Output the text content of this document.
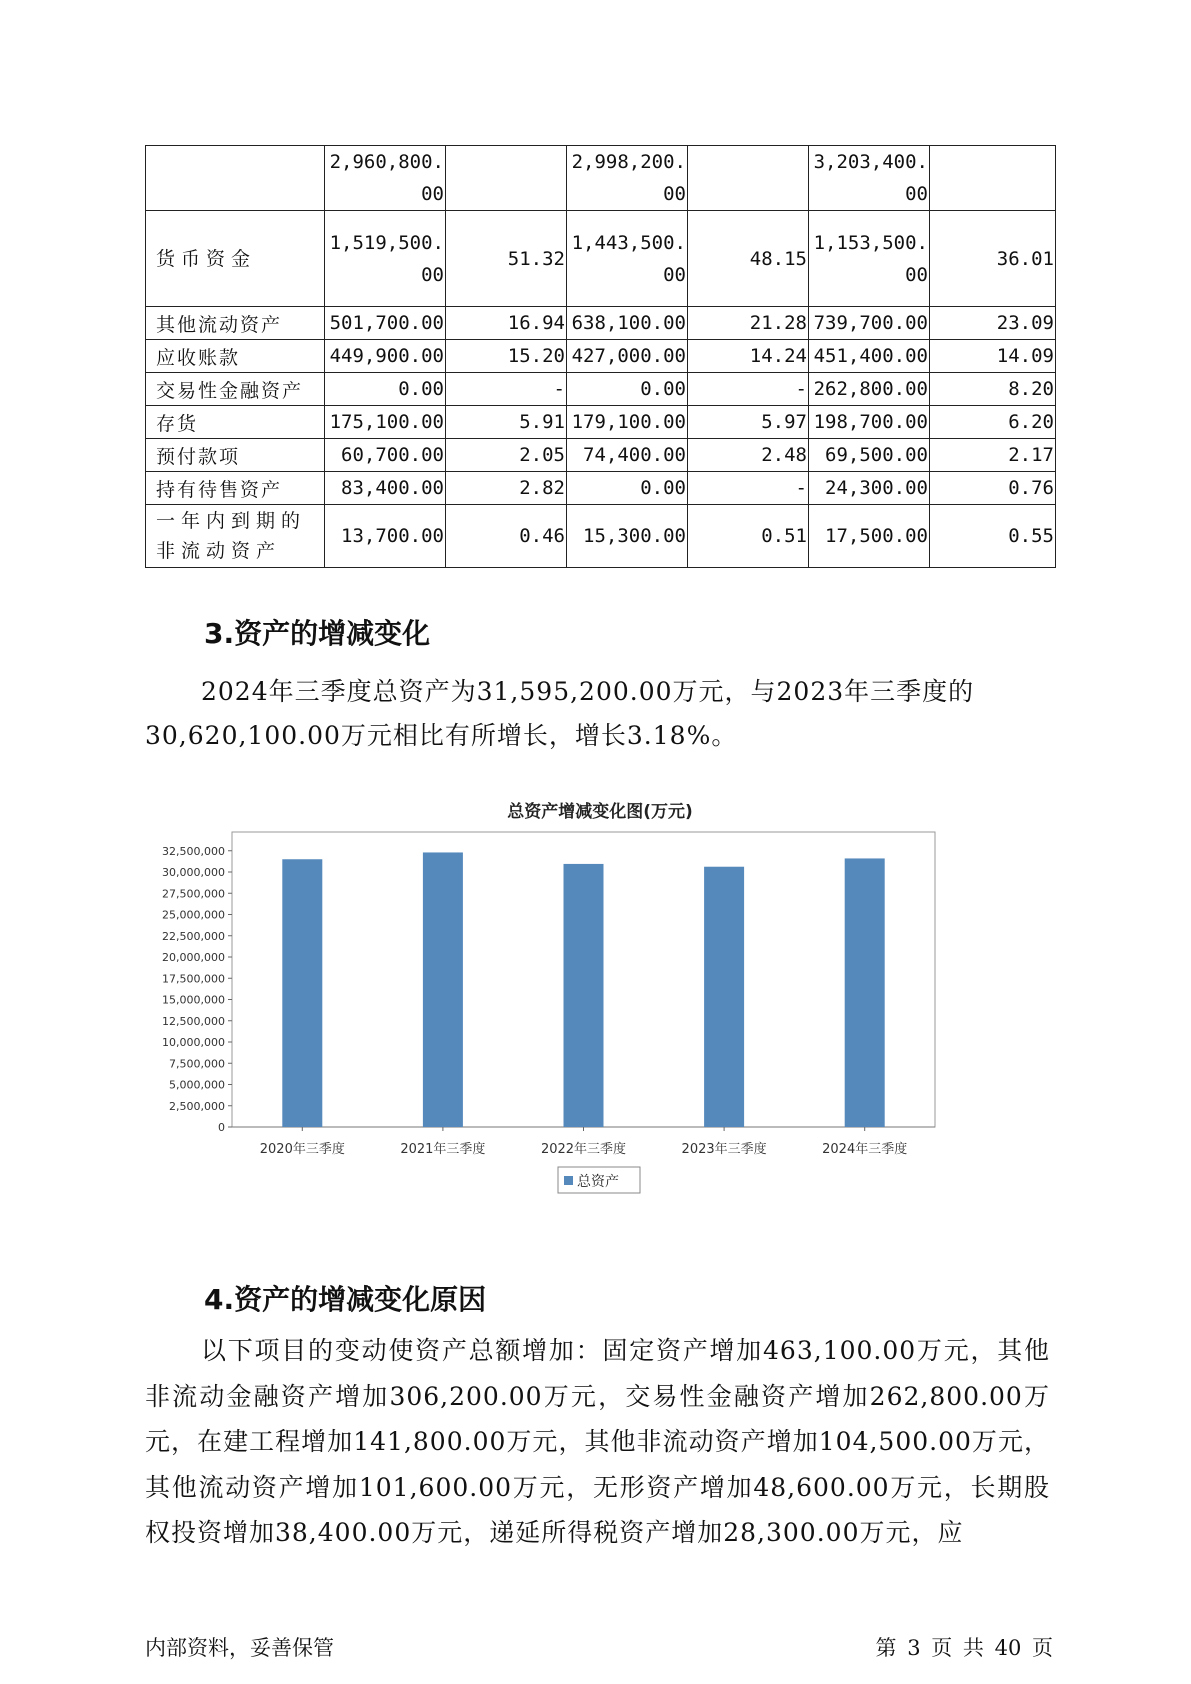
	2,960,800.00		2,998,200.00		3,203,400.00	
货币资金	1,519,500.00	51.32	1,443,500.00	48.15	1,153,500.00	36.01
其他流动资产	501,700.00	16.94	638,100.00	21.28	739,700.00	23.09
应收账款	449,900.00	15.20	427,000.00	14.24	451,400.00	14.09
交易性金融资产	0.00	-	0.00	-	262,800.00	8.20
存货	175,100.00	5.91	179,100.00	5.97	198,700.00	6.20
预付款项	60,700.00	2.05	74,400.00	2.48	69,500.00	2.17
持有待售资产	83,400.00	2.82	0.00	-	24,300.00	0.76
一年内到期的非流动资产	13,700.00	0.46	15,300.00	0.51	17,500.00	0.55
3.资产的增减变化

2024年三季度总资产为31,595,200.00万元，与2023年三季度的30,620,100.00万元相比有所增长，增长3.18%。

总资产增减变化图(万元)
0
2,500,000
5,000,000
7,500,000
10,000,000
12,500,000
15,000,000
17,500,000
20,000,000
22,500,000
25,000,000
27,500,000
30,000,000
32,500,000
2020年三季度	2021年三季度	2022年三季度	2023年三季度	2024年三季度
总资产
4.资产的增减变化原因

以下项目的变动使资产总额增加：固定资产增加463,100.00万元，其他非流动金融资产增加306,200.00万元，交易性金融资产增加262,800.00万元，在建工程增加141,800.00万元，其他非流动资产增加104,500.00万元，其他流动资产增加101,600.00万元，无形资产增加48,600.00万元，长期股权投资增加38,400.00万元，递延所得税资产增加28,300.00万元，应

内部资料，妥善保管	第 3 页 共 40 页
